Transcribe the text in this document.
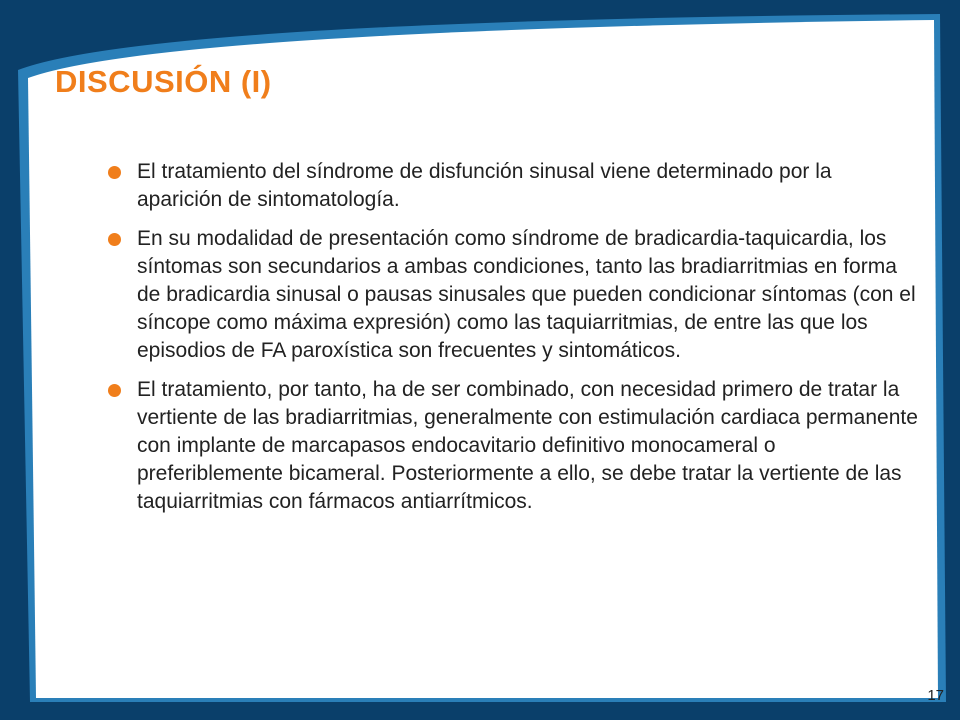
DISCUSIÓN (I)
El tratamiento del síndrome de disfunción sinusal viene determinado por la aparición de sintomatología.
En su modalidad de presentación como síndrome de bradicardia-taquicardia, los síntomas son secundarios a ambas condiciones, tanto las bradiarritmias en forma de bradicardia sinusal o pausas sinusales que pueden condicionar síntomas (con el síncope como máxima expresión) como las taquiarritmias, de entre las que los episodios de FA paroxística son frecuentes y sintomáticos.
El tratamiento, por tanto, ha de ser combinado, con necesidad primero de tratar la vertiente de las bradiarritmias, generalmente con estimulación cardiaca permanente con implante de marcapasos endocavitario definitivo monocameral o preferiblemente bicameral. Posteriormente a ello, se debe tratar la vertiente de las taquiarritmias con fármacos antiarrítmicos.
17
